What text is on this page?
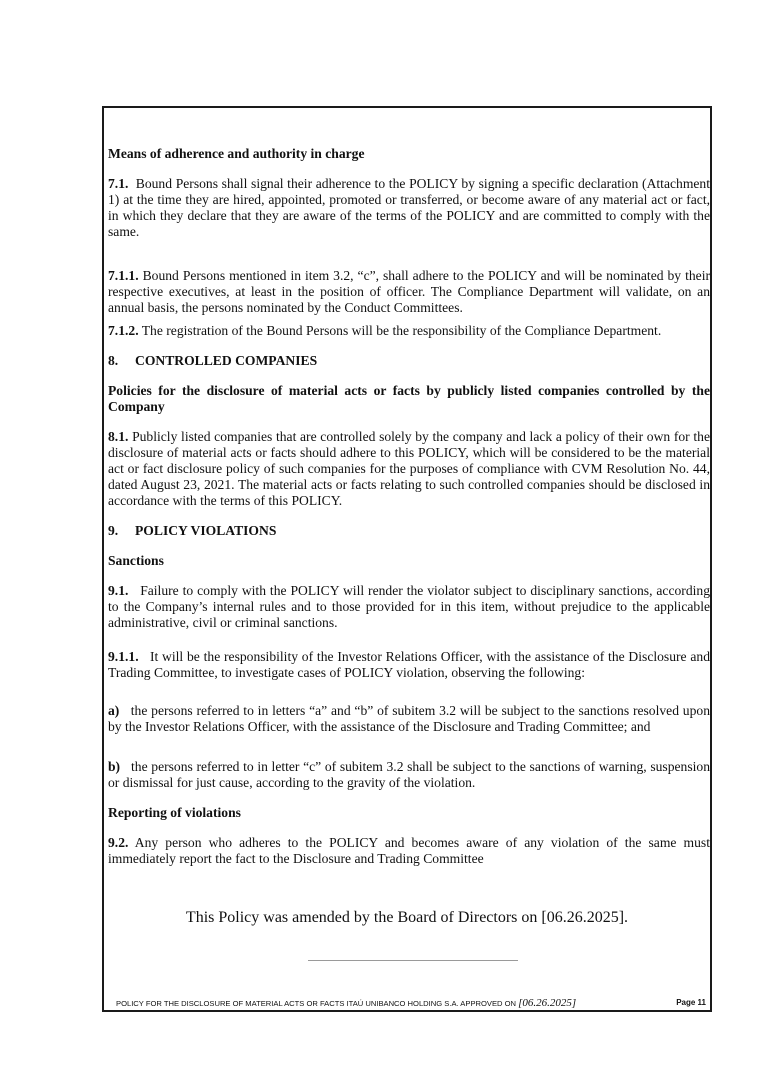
Means of adherence and authority in charge

7.1. Bound Persons shall signal their adherence to the POLICY by signing a specific declaration (Attachment 1) at the time they are hired, appointed, promoted or transferred, or become aware of any material act or fact, in which they declare that they are aware of the terms of the POLICY and are committed to comply with the same.

7.1.1. Bound Persons mentioned in item 3.2, “c”, shall adhere to the POLICY and will be nominated by their respective executives, at least in the position of officer. The Compliance Department will validate, on an annual basis, the persons nominated by the Conduct Committees.

7.1.2. The registration of the Bound Persons will be the responsibility of the Compliance Department.

8. CONTROLLED COMPANIES

Policies for the disclosure of material acts or facts by publicly listed companies controlled by the Company

8.1. Publicly listed companies that are controlled solely by the company and lack a policy of their own for the disclosure of material acts or facts should adhere to this POLICY, which will be considered to be the material act or fact disclosure policy of such companies for the purposes of compliance with CVM Resolution No. 44, dated August 23, 2021. The material acts or facts relating to such controlled companies should be disclosed in accordance with the terms of this POLICY.

9. POLICY VIOLATIONS

Sanctions

9.1. Failure to comply with the POLICY will render the violator subject to disciplinary sanctions, according to the Company’s internal rules and to those provided for in this item, without prejudice to the applicable administrative, civil or criminal sanctions.

9.1.1. It will be the responsibility of the Investor Relations Officer, with the assistance of the Disclosure and Trading Committee, to investigate cases of POLICY violation, observing the following:

a) the persons referred to in letters “a” and “b” of subitem 3.2 will be subject to the sanctions resolved upon by the Investor Relations Officer, with the assistance of the Disclosure and Trading Committee; and

b) the persons referred to in letter “c” of subitem 3.2 shall be subject to the sanctions of warning, suspension or dismissal for just cause, according to the gravity of the violation.

Reporting of violations

9.2. Any person who adheres to the POLICY and becomes aware of any violation of the same must immediately report the fact to the Disclosure and Trading Committee

This Policy was amended by the Board of Directors on [06.26.2025].
POLICY FOR THE DISCLOSURE OF MATERIAL ACTS OR FACTS ITAÚ UNIBANCO HOLDING S.A. APPROVED ON [06.26.2025]	Page 11
